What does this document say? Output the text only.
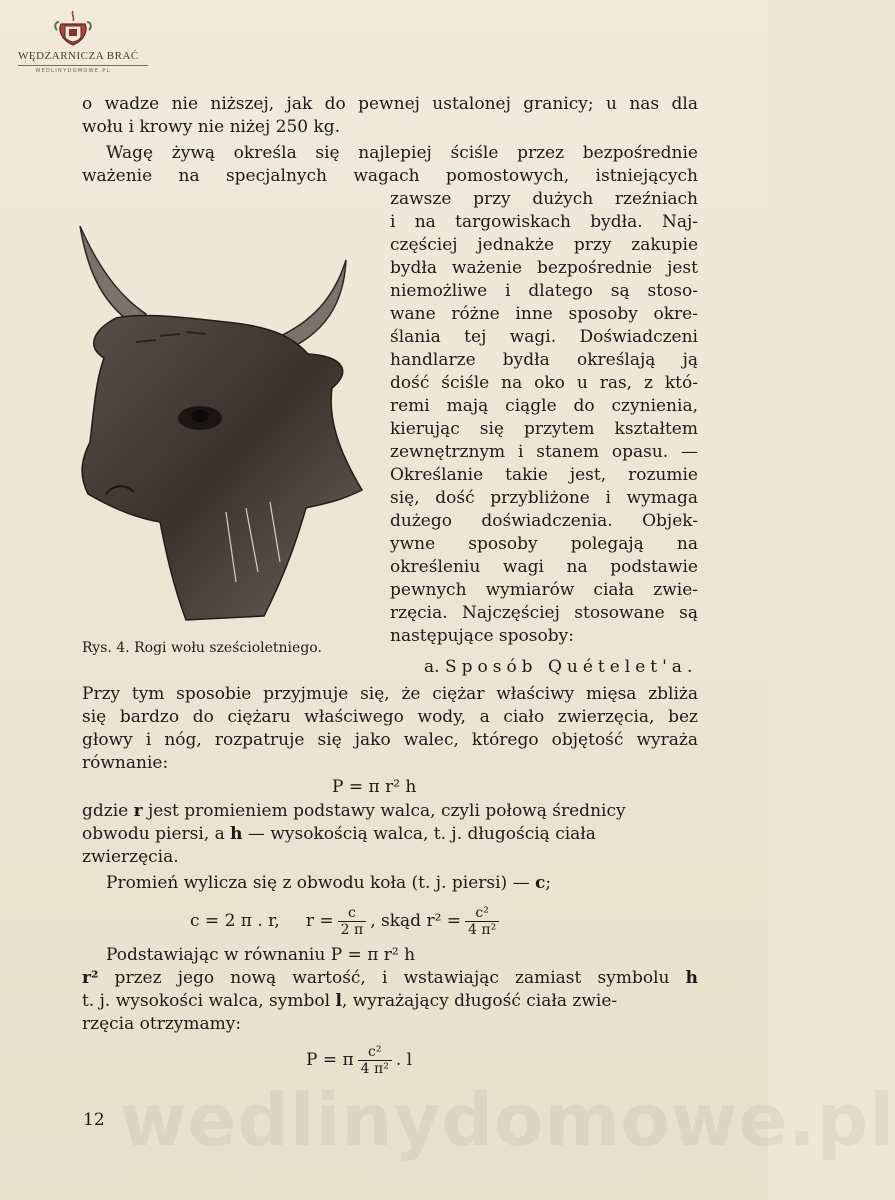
WĘDZARNICZA BRAĆ
WEDLINYDOMOWE.PL
o wadze nie niższej, jak do pewnej ustalonej granicy; u nas dla
wołu i krowy nie niżej 250 kg.
Wagę żywą określa się najlepiej ściśle przez bezpośrednie
ważenie na specjalnych wagach pomostowych, istniejących
zawsze przy dużych rzeźniach
i na targowiskach bydła. Naj-
częściej jednakże przy zakupie
bydła ważenie bezpośrednie jest
niemożliwe i dlatego są stoso-
wane różne inne sposoby okre-
ślania tej wagi. Doświadczeni
handlarze bydła określają ją
dość ściśle na oko u ras, z któ-
remi mają ciągle do czynienia,
kierując się przytem kształtem
zewnętrznym i stanem opasu. —
Określanie takie jest, rozumie
się, dość przybliżone i wymaga
dużego doświadczenia. Objek-
ywne sposoby polegają na
określeniu wagi na podstawie
pewnych wymiarów ciała zwie-
rzęcia. Najczęściej stosowane są
następujące sposoby:
Rys. 4. Rogi wołu sześcioletniego.
a. Sposób Quételet'a.
Przy tym sposobie przyjmuje się, że ciężar właściwy mięsa zbliża
się bardzo do ciężaru właściwego wody, a ciało zwierzęcia, bez
głowy i nóg, rozpatruje się jako walec, którego objętość wyraża
równanie:
P = π r² h
gdzie r jest promieniem podstawy walca, czyli połową średnicy
obwodu piersi, a h — wysokością walca, t. j. długością ciała
zwierzęcia.
Promień wylicza się z obwodu koła (t. j. piersi) — c;
c = 2 π . r, $r = \frac{c}{2 \pi}$ , skąd $r^2 = \frac{\text{c²}}{\text{4 π²}}$
Podstawiając w równaniu P = π r² h
r² przez jego nową wartość, i wstawiając zamiast symbolu h
t. j. wysokości walca, symbol l, wyrażający długość ciała zwie-
rzęcia otrzymamy:
P = π $\frac{\text{c²}}{\text{4 π²}}$ . l
wedlinydomowe.pl
12
